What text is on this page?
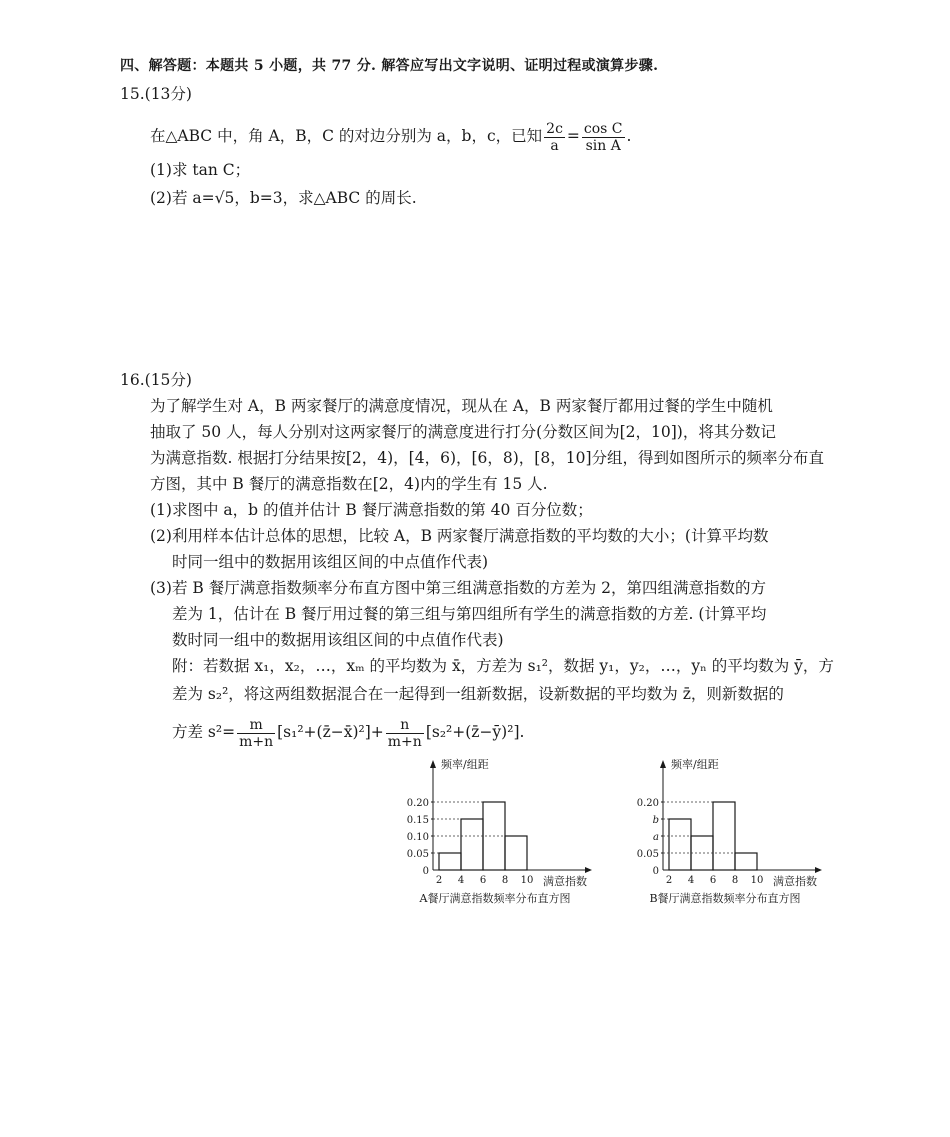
四、解答题：本题共 5 小题，共 77 分. 解答应写出文字说明、证明过程或演算步骤.
15.(13分)
在△ABC 中，角 A，B，C 的对边分别为 a，b，c，已知 $\frac{2c}{a} = \frac{\text{cos C}}{\text{sin A}}$ .
(1)求 tan C；
(2)若 a=√5，b=3，求△ABC 的周长.
16.(15分)
为了解学生对 A，B 两家餐厅的满意度情况，现从在 A，B 两家餐厅都用过餐的学生中随机
抽取了 50 人，每人分别对这两家餐厅的满意度进行打分(分数区间为[2，10])，将其分数记
为满意指数. 根据打分结果按[2，4)，[4，6)，[6，8)，[8，10]分组，得到如图所示的频率分布直
方图，其中 B 餐厅的满意指数在[2，4)内的学生有 15 人.
(1)求图中 a，b 的值并估计 B 餐厅满意指数的第 40 百分位数；
(2)利用样本估计总体的思想，比较 A，B 两家餐厅满意指数的平均数的大小；(计算平均数
时同一组中的数据用该组区间的中点值作代表)
(3)若 B 餐厅满意指数频率分布直方图中第三组满意指数的方差为 2，第四组满意指数的方
差为 1，估计在 B 餐厅用过餐的第三组与第四组所有学生的满意指数的方差. (计算平均
数时同一组中的数据用该组区间的中点值作代表)
附：若数据 x₁，x₂，…，xₘ 的平均数为 x̄，方差为 s₁²，数据 y₁，y₂，…，yₙ 的平均数为 ȳ，方
差为 s₂²，将这两组数据混合在一起得到一组新数据，设新数据的平均数为 z̄，则新数据的
方差 $s^2= \frac{m}{m+n}$ [s₁²+(z̄−x̄)²]+ $\frac{n}{m+n}$ [s₂²+(z̄−ȳ)²].
频率/组距
满意指数
0
0.05
0.10
0.15
0.20
2 4 6 8 10
A餐厅满意指数频率分布直方图
频率/组距
满意指数
0
0.05
a
b
0.20
2 4 6 8 10
B餐厅满意指数频率分布直方图
